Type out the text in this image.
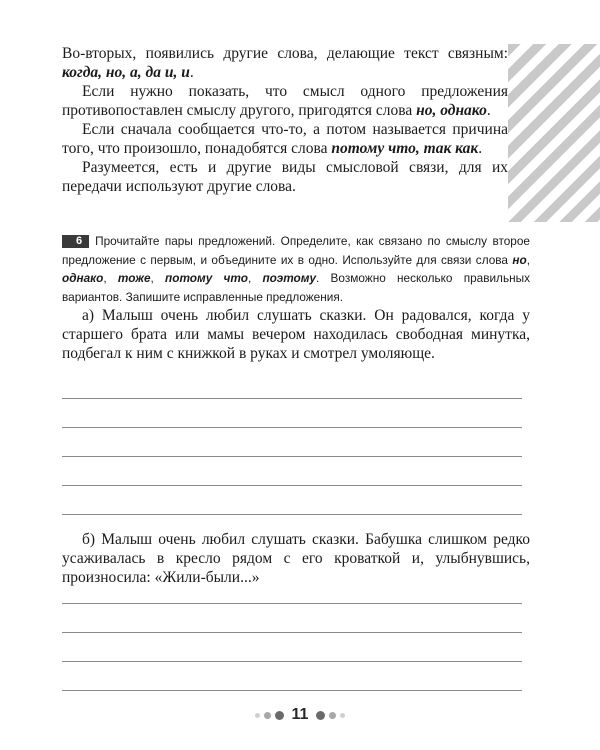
Во-вторых, появились другие слова, делающие текст связным: когда, но, а, да и, и.

Если нужно показать, что смысл одного предложения противопоставлен смыслу другого, пригодятся слова но, однако.

Если сначала сообщается что-то, а потом называется причина того, что произошло, понадобятся слова потому что, так как.

Разумеется, есть и другие виды смысловой связи, для их передачи используют другие слова.

6 Прочитайте пары предложений. Определите, как связано по смыслу второе предложение с первым, и объедините их в одно. Используйте для связи слова но, однако, тоже, потому что, поэтому. Возможно несколько правильных вариантов. Запишите исправленные предложения.

а) Малыш очень любил слушать сказки. Он радовался, когда у старшего брата или мамы вечером находилась свободная минутка, подбегал к ним с книжкой в руках и смотрел умоляюще.

б) Малыш очень любил слушать сказки. Бабушка слишком редко усаживалась в кресло рядом с его кроваткой и, улыбнувшись, произносила: «Жили-были...»

11
